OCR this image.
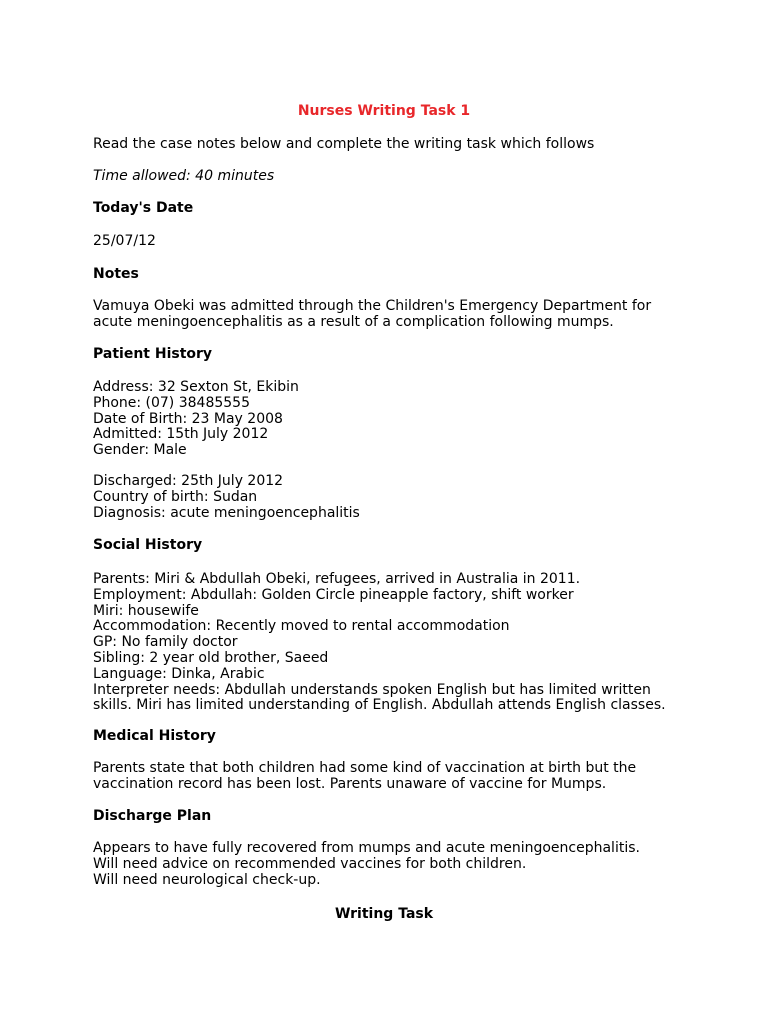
Nurses Writing Task 1
Read the case notes below and complete the writing task which follows
Time allowed: 40 minutes
Today's Date
25/07/12
Notes
Vamuya Obeki was admitted through the Children's Emergency Department for
acute meningoencephalitis as a result of a complication following mumps.
Patient History
Address: 32 Sexton St, Ekibin
Phone: (07) 38485555
Date of Birth: 23 May 2008
Admitted: 15th July 2012
Gender: Male
Discharged: 25th July 2012
Country of birth: Sudan
Diagnosis: acute meningoencephalitis
Social History
Parents: Miri & Abdullah Obeki, refugees, arrived in Australia in 2011.
Employment: Abdullah: Golden Circle pineapple factory, shift worker
Miri: housewife
Accommodation: Recently moved to rental accommodation
GP: No family doctor
Sibling: 2 year old brother, Saeed
Language: Dinka, Arabic
Interpreter needs: Abdullah understands spoken English but has limited written
skills. Miri has limited understanding of English. Abdullah attends English classes.
Medical History
Parents state that both children had some kind of vaccination at birth but the
vaccination record has been lost. Parents unaware of vaccine for Mumps.
Discharge Plan
Appears to have fully recovered from mumps and acute meningoencephalitis.
Will need advice on recommended vaccines for both children.
Will need neurological check-up.
Writing Task
